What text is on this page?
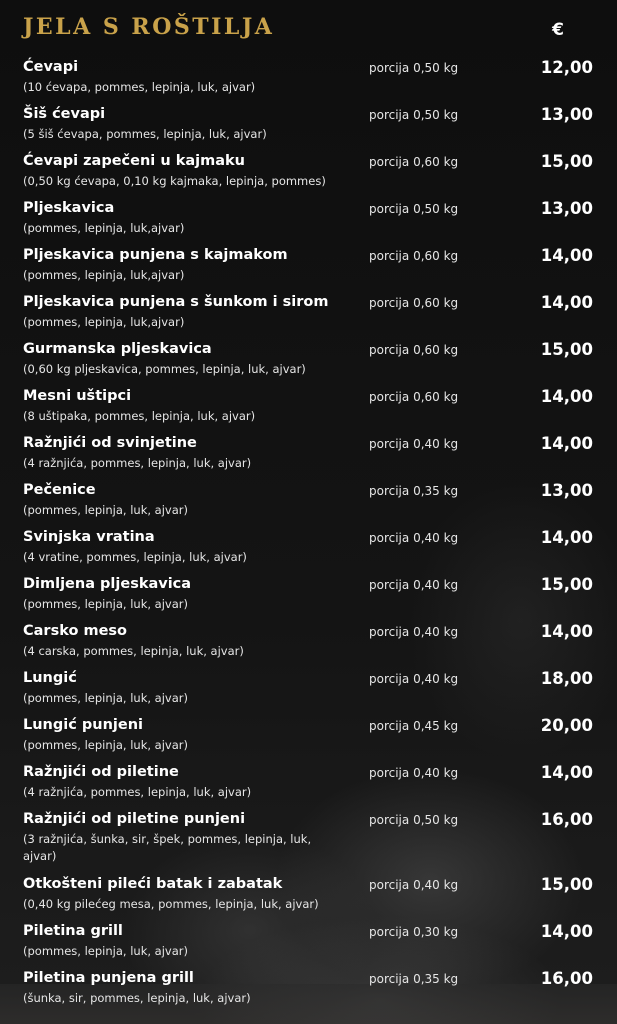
JELA S ROŠTILJA	€
Ćevapi
(10 ćevapa, pommes, lepinja, luk, ajvar)
porcija 0,50 kg	12,00
Šiš ćevapi
(5 šiš ćevapa, pommes, lepinja, luk, ajvar)
porcija 0,50 kg	13,00
Ćevapi zapečeni u kajmaku
(0,50 kg ćevapa, 0,10 kg kajmaka, lepinja, pommes)
porcija 0,60 kg	15,00
Pljeskavica
(pommes, lepinja, luk,ajvar)
porcija 0,50 kg	13,00
Pljeskavica punjena s kajmakom
(pommes, lepinja, luk,ajvar)
porcija 0,60 kg	14,00
Pljeskavica punjena s šunkom i sirom
(pommes, lepinja, luk,ajvar)
porcija 0,60 kg	14,00
Gurmanska pljeskavica
(0,60 kg pljeskavica, pommes, lepinja, luk, ajvar)
porcija 0,60 kg	15,00
Mesni uštipci
(8 uštipaka, pommes, lepinja, luk, ajvar)
porcija 0,60 kg	14,00
Ražnjići od svinjetine
(4 ražnjića, pommes, lepinja, luk, ajvar)
porcija 0,40 kg	14,00
Pečenice
(pommes, lepinja, luk, ajvar)
porcija 0,35 kg	13,00
Svinjska vratina
(4 vratine, pommes, lepinja, luk, ajvar)
porcija 0,40 kg	14,00
Dimljena pljeskavica
(pommes, lepinja, luk, ajvar)
porcija 0,40 kg	15,00
Carsko meso
(4 carska, pommes, lepinja, luk, ajvar)
porcija 0,40 kg	14,00
Lungić
(pommes, lepinja, luk, ajvar)
porcija 0,40 kg	18,00
Lungić punjeni
(pommes, lepinja, luk, ajvar)
porcija 0,45 kg	20,00
Ražnjići od piletine
(4 ražnjića, pommes, lepinja, luk, ajvar)
porcija 0,40 kg	14,00
Ražnjići od piletine punjeni
(3 ražnjića, šunka, sir, špek, pommes, lepinja, luk, ajvar)
porcija 0,50 kg	16,00
Otkošteni pileći batak i zabatak
(0,40 kg pilećeg mesa, pommes, lepinja, luk, ajvar)
porcija 0,40 kg	15,00
Piletina grill
(pommes, lepinja, luk, ajvar)
porcija 0,30 kg	14,00
Piletina punjena grill
(šunka, sir, pommes, lepinja, luk, ajvar)
porcija 0,35 kg	16,00
